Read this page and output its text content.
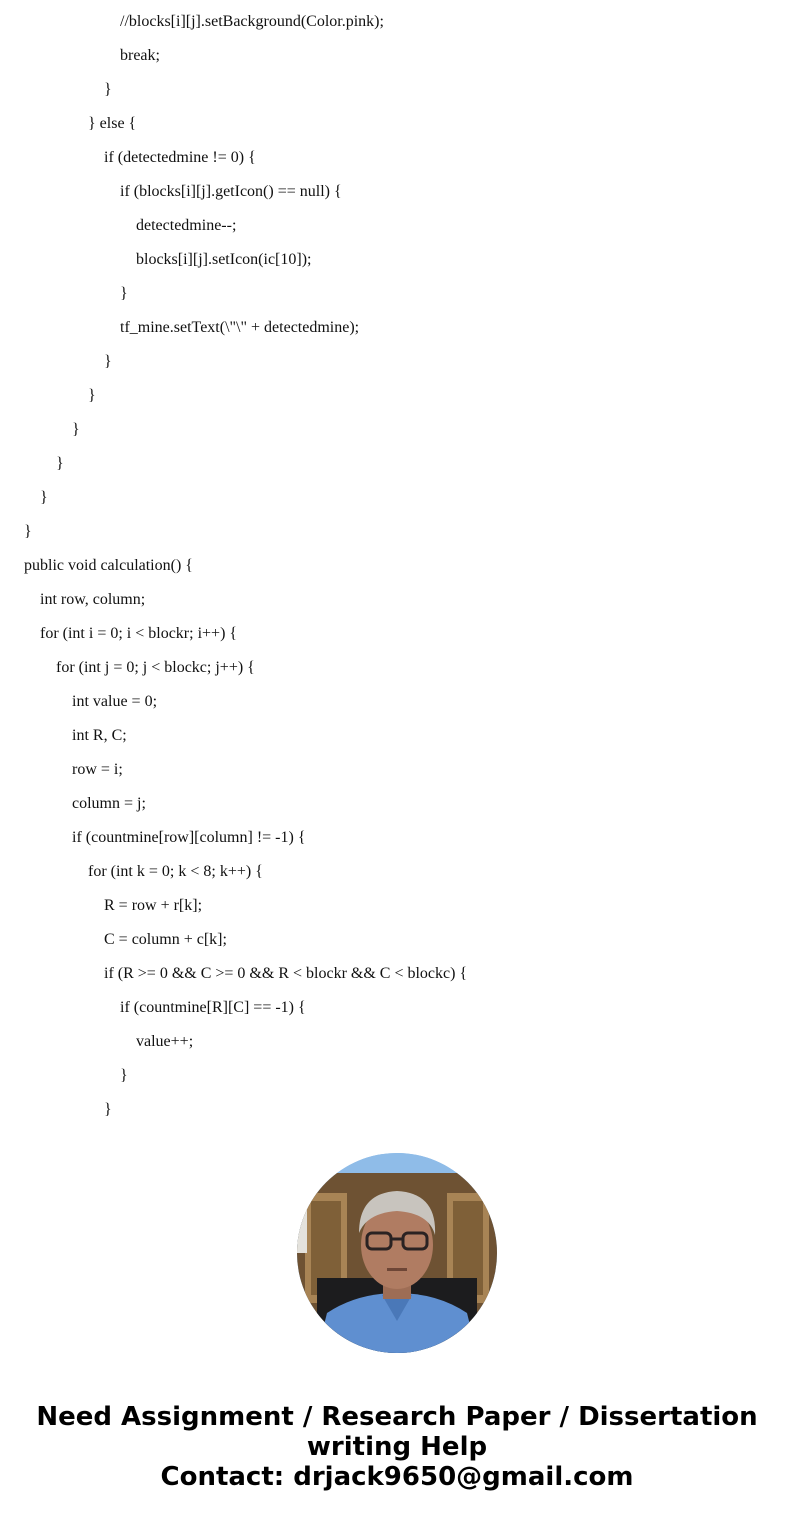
//blocks[i][j].setBackground(Color.pink);
break;
}
} else {
if (detectedmine != 0) {
if (blocks[i][j].getIcon() == null) {
detectedmine--;
blocks[i][j].setIcon(ic[10]);
}
tf_mine.setText(\"\" + detectedmine);
}
}
}
}
}
}
public void calculation() {
int row, column;
for (int i = 0; i < blockr; i++) {
for (int j = 0; j < blockc; j++) {
int value = 0;
int R, C;
row = i;
column = j;
if (countmine[row][column] != -1) {
for (int k = 0; k < 8; k++) {
R = row + r[k];
C = column + c[k];
if (R >= 0 && C >= 0 && R < blockr && C < blockc) {
if (countmine[R][C] == -1) {
value++;
}
}
Need Assignment / Research Paper / Dissertation
writing Help
Contact: drjack9650@gmail.com
